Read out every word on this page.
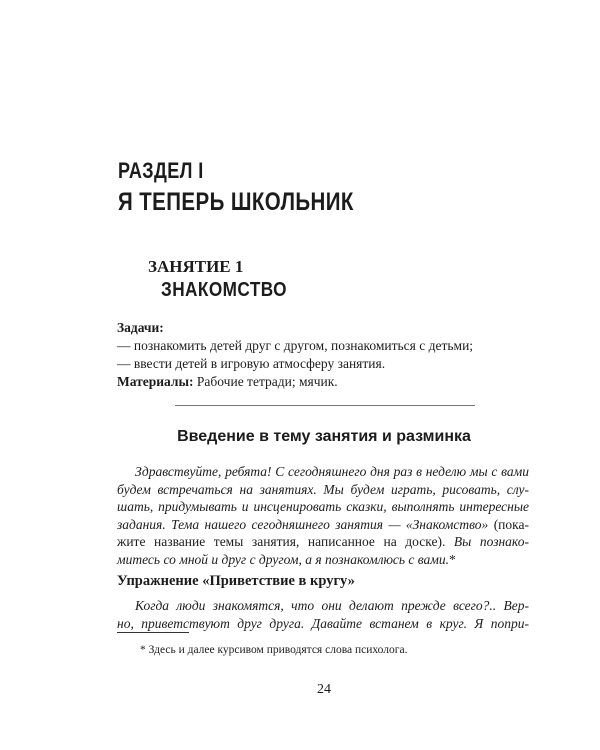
РАЗДЕЛ I
Я ТЕПЕРЬ ШКОЛЬНИК
ЗАНЯТИЕ 1
ЗНАКОМСТВО
Задачи:
— познакомить детей друг с другом, познакомиться с детьми;
— ввести детей в игровую атмосферу занятия.
Материалы: Рабочие тетради; мячик.
Введение в тему занятия и разминка
Здравствуйте, ребята! С сегодняшнего дня раз в неделю мы с вами
будем встречаться на занятиях. Мы будем играть, рисовать, слу-
шать, придумывать и инсценировать сказки, выполнять интересные
задания. Тема нашего сегодняшнего занятия — «Знакомство» (пока-
жите название темы занятия, написанное на доске). Вы познако-
митесь со мной и друг с другом, а я познакомлюсь с вами.*
Упражнение «Приветствие в кругу»
Когда люди знакомятся, что они делают прежде всего?.. Вер-
но, приветствуют друг друга. Давайте встанем в круг. Я попри-
* Здесь и далее курсивом приводятся слова психолога.
24
